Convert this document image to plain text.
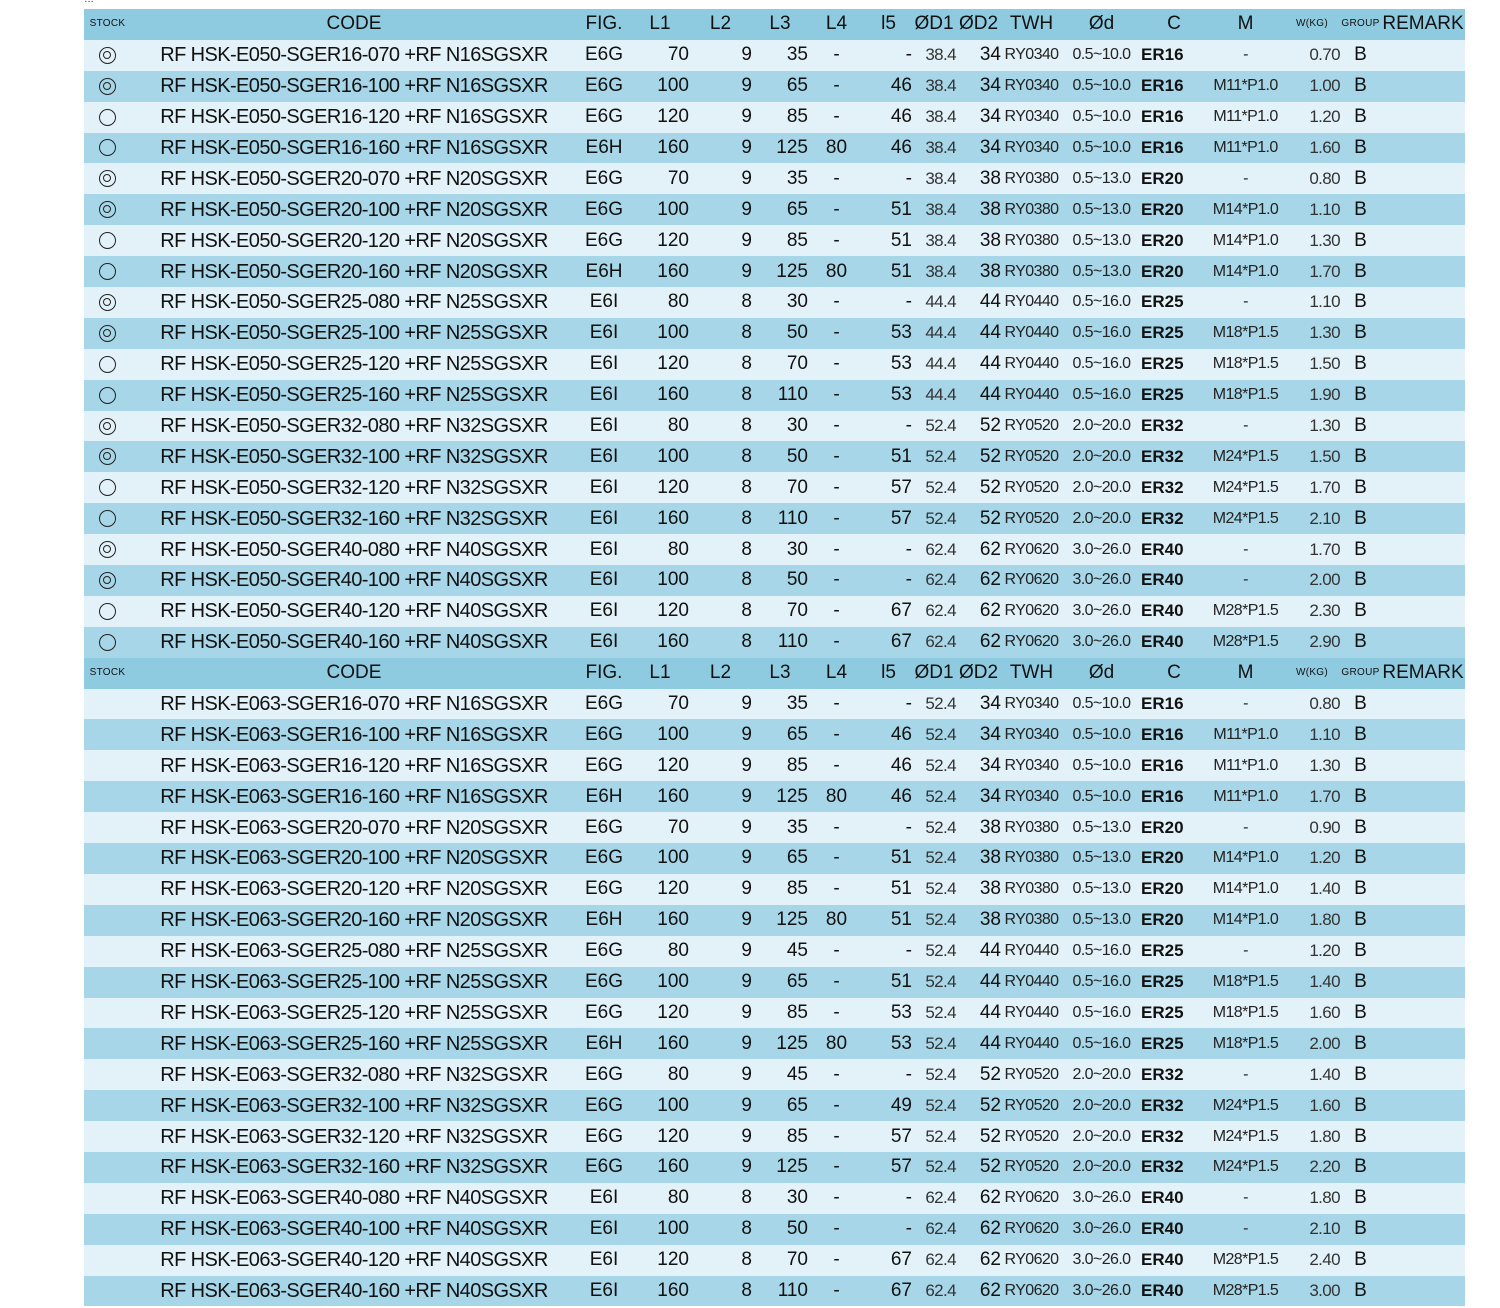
STOCK	CODE	FIG.	L1	L2	L3	L4	l5	ØD1	ØD2	TWH	Ød	C	M	W(KG)	GROUP	REMARK
	RF HSK-E050-SGER16-070 +RF N16SGSXR	E6G	70	9	35	-	-	38.4	34	RY0340	0.5~10.0	ER16	-	0.70	B	
	RF HSK-E050-SGER16-100 +RF N16SGSXR	E6G	100	9	65	-	46	38.4	34	RY0340	0.5~10.0	ER16	M11*P1.0	1.00	B	
	RF HSK-E050-SGER16-120 +RF N16SGSXR	E6G	120	9	85	-	46	38.4	34	RY0340	0.5~10.0	ER16	M11*P1.0	1.20	B	
	RF HSK-E050-SGER16-160 +RF N16SGSXR	E6H	160	9	125	80	46	38.4	34	RY0340	0.5~10.0	ER16	M11*P1.0	1.60	B	
	RF HSK-E050-SGER20-070 +RF N20SGSXR	E6G	70	9	35	-	-	38.4	38	RY0380	0.5~13.0	ER20	-	0.80	B	
	RF HSK-E050-SGER20-100 +RF N20SGSXR	E6G	100	9	65	-	51	38.4	38	RY0380	0.5~13.0	ER20	M14*P1.0	1.10	B	
	RF HSK-E050-SGER20-120 +RF N20SGSXR	E6G	120	9	85	-	51	38.4	38	RY0380	0.5~13.0	ER20	M14*P1.0	1.30	B	
	RF HSK-E050-SGER20-160 +RF N20SGSXR	E6H	160	9	125	80	51	38.4	38	RY0380	0.5~13.0	ER20	M14*P1.0	1.70	B	
	RF HSK-E050-SGER25-080 +RF N25SGSXR	E6I	80	8	30	-	-	44.4	44	RY0440	0.5~16.0	ER25	-	1.10	B	
	RF HSK-E050-SGER25-100 +RF N25SGSXR	E6I	100	8	50	-	53	44.4	44	RY0440	0.5~16.0	ER25	M18*P1.5	1.30	B	
	RF HSK-E050-SGER25-120 +RF N25SGSXR	E6I	120	8	70	-	53	44.4	44	RY0440	0.5~16.0	ER25	M18*P1.5	1.50	B	
	RF HSK-E050-SGER25-160 +RF N25SGSXR	E6I	160	8	110	-	53	44.4	44	RY0440	0.5~16.0	ER25	M18*P1.5	1.90	B	
	RF HSK-E050-SGER32-080 +RF N32SGSXR	E6I	80	8	30	-	-	52.4	52	RY0520	2.0~20.0	ER32	-	1.30	B	
	RF HSK-E050-SGER32-100 +RF N32SGSXR	E6I	100	8	50	-	51	52.4	52	RY0520	2.0~20.0	ER32	M24*P1.5	1.50	B	
	RF HSK-E050-SGER32-120 +RF N32SGSXR	E6I	120	8	70	-	57	52.4	52	RY0520	2.0~20.0	ER32	M24*P1.5	1.70	B	
	RF HSK-E050-SGER32-160 +RF N32SGSXR	E6I	160	8	110	-	57	52.4	52	RY0520	2.0~20.0	ER32	M24*P1.5	2.10	B	
	RF HSK-E050-SGER40-080 +RF N40SGSXR	E6I	80	8	30	-	-	62.4	62	RY0620	3.0~26.0	ER40	-	1.70	B	
	RF HSK-E050-SGER40-100 +RF N40SGSXR	E6I	100	8	50	-	-	62.4	62	RY0620	3.0~26.0	ER40	-	2.00	B	
	RF HSK-E050-SGER40-120 +RF N40SGSXR	E6I	120	8	70	-	67	62.4	62	RY0620	3.0~26.0	ER40	M28*P1.5	2.30	B	
	RF HSK-E050-SGER40-160 +RF N40SGSXR	E6I	160	8	110	-	67	62.4	62	RY0620	3.0~26.0	ER40	M28*P1.5	2.90	B	
STOCK	CODE	FIG.	L1	L2	L3	L4	l5	ØD1	ØD2	TWH	Ød	C	M	W(KG)	GROUP	REMARK
	RF HSK-E063-SGER16-070 +RF N16SGSXR	E6G	70	9	35	-	-	52.4	34	RY0340	0.5~10.0	ER16	-	0.80	B	
	RF HSK-E063-SGER16-100 +RF N16SGSXR	E6G	100	9	65	-	46	52.4	34	RY0340	0.5~10.0	ER16	M11*P1.0	1.10	B	
	RF HSK-E063-SGER16-120 +RF N16SGSXR	E6G	120	9	85	-	46	52.4	34	RY0340	0.5~10.0	ER16	M11*P1.0	1.30	B	
	RF HSK-E063-SGER16-160 +RF N16SGSXR	E6H	160	9	125	80	46	52.4	34	RY0340	0.5~10.0	ER16	M11*P1.0	1.70	B	
	RF HSK-E063-SGER20-070 +RF N20SGSXR	E6G	70	9	35	-	-	52.4	38	RY0380	0.5~13.0	ER20	-	0.90	B	
	RF HSK-E063-SGER20-100 +RF N20SGSXR	E6G	100	9	65	-	51	52.4	38	RY0380	0.5~13.0	ER20	M14*P1.0	1.20	B	
	RF HSK-E063-SGER20-120 +RF N20SGSXR	E6G	120	9	85	-	51	52.4	38	RY0380	0.5~13.0	ER20	M14*P1.0	1.40	B	
	RF HSK-E063-SGER20-160 +RF N20SGSXR	E6H	160	9	125	80	51	52.4	38	RY0380	0.5~13.0	ER20	M14*P1.0	1.80	B	
	RF HSK-E063-SGER25-080 +RF N25SGSXR	E6G	80	9	45	-	-	52.4	44	RY0440	0.5~16.0	ER25	-	1.20	B	
	RF HSK-E063-SGER25-100 +RF N25SGSXR	E6G	100	9	65	-	51	52.4	44	RY0440	0.5~16.0	ER25	M18*P1.5	1.40	B	
	RF HSK-E063-SGER25-120 +RF N25SGSXR	E6G	120	9	85	-	53	52.4	44	RY0440	0.5~16.0	ER25	M18*P1.5	1.60	B	
	RF HSK-E063-SGER25-160 +RF N25SGSXR	E6H	160	9	125	80	53	52.4	44	RY0440	0.5~16.0	ER25	M18*P1.5	2.00	B	
	RF HSK-E063-SGER32-080 +RF N32SGSXR	E6G	80	9	45	-	-	52.4	52	RY0520	2.0~20.0	ER32	-	1.40	B	
	RF HSK-E063-SGER32-100 +RF N32SGSXR	E6G	100	9	65	-	49	52.4	52	RY0520	2.0~20.0	ER32	M24*P1.5	1.60	B	
	RF HSK-E063-SGER32-120 +RF N32SGSXR	E6G	120	9	85	-	57	52.4	52	RY0520	2.0~20.0	ER32	M24*P1.5	1.80	B	
	RF HSK-E063-SGER32-160 +RF N32SGSXR	E6G	160	9	125	-	57	52.4	52	RY0520	2.0~20.0	ER32	M24*P1.5	2.20	B	
	RF HSK-E063-SGER40-080 +RF N40SGSXR	E6I	80	8	30	-	-	62.4	62	RY0620	3.0~26.0	ER40	-	1.80	B	
	RF HSK-E063-SGER40-100 +RF N40SGSXR	E6I	100	8	50	-	-	62.4	62	RY0620	3.0~26.0	ER40	-	2.10	B	
	RF HSK-E063-SGER40-120 +RF N40SGSXR	E6I	120	8	70	-	67	62.4	62	RY0620	3.0~26.0	ER40	M28*P1.5	2.40	B	
	RF HSK-E063-SGER40-160 +RF N40SGSXR	E6I	160	8	110	-	67	62.4	62	RY0620	3.0~26.0	ER40	M28*P1.5	3.00	B	
